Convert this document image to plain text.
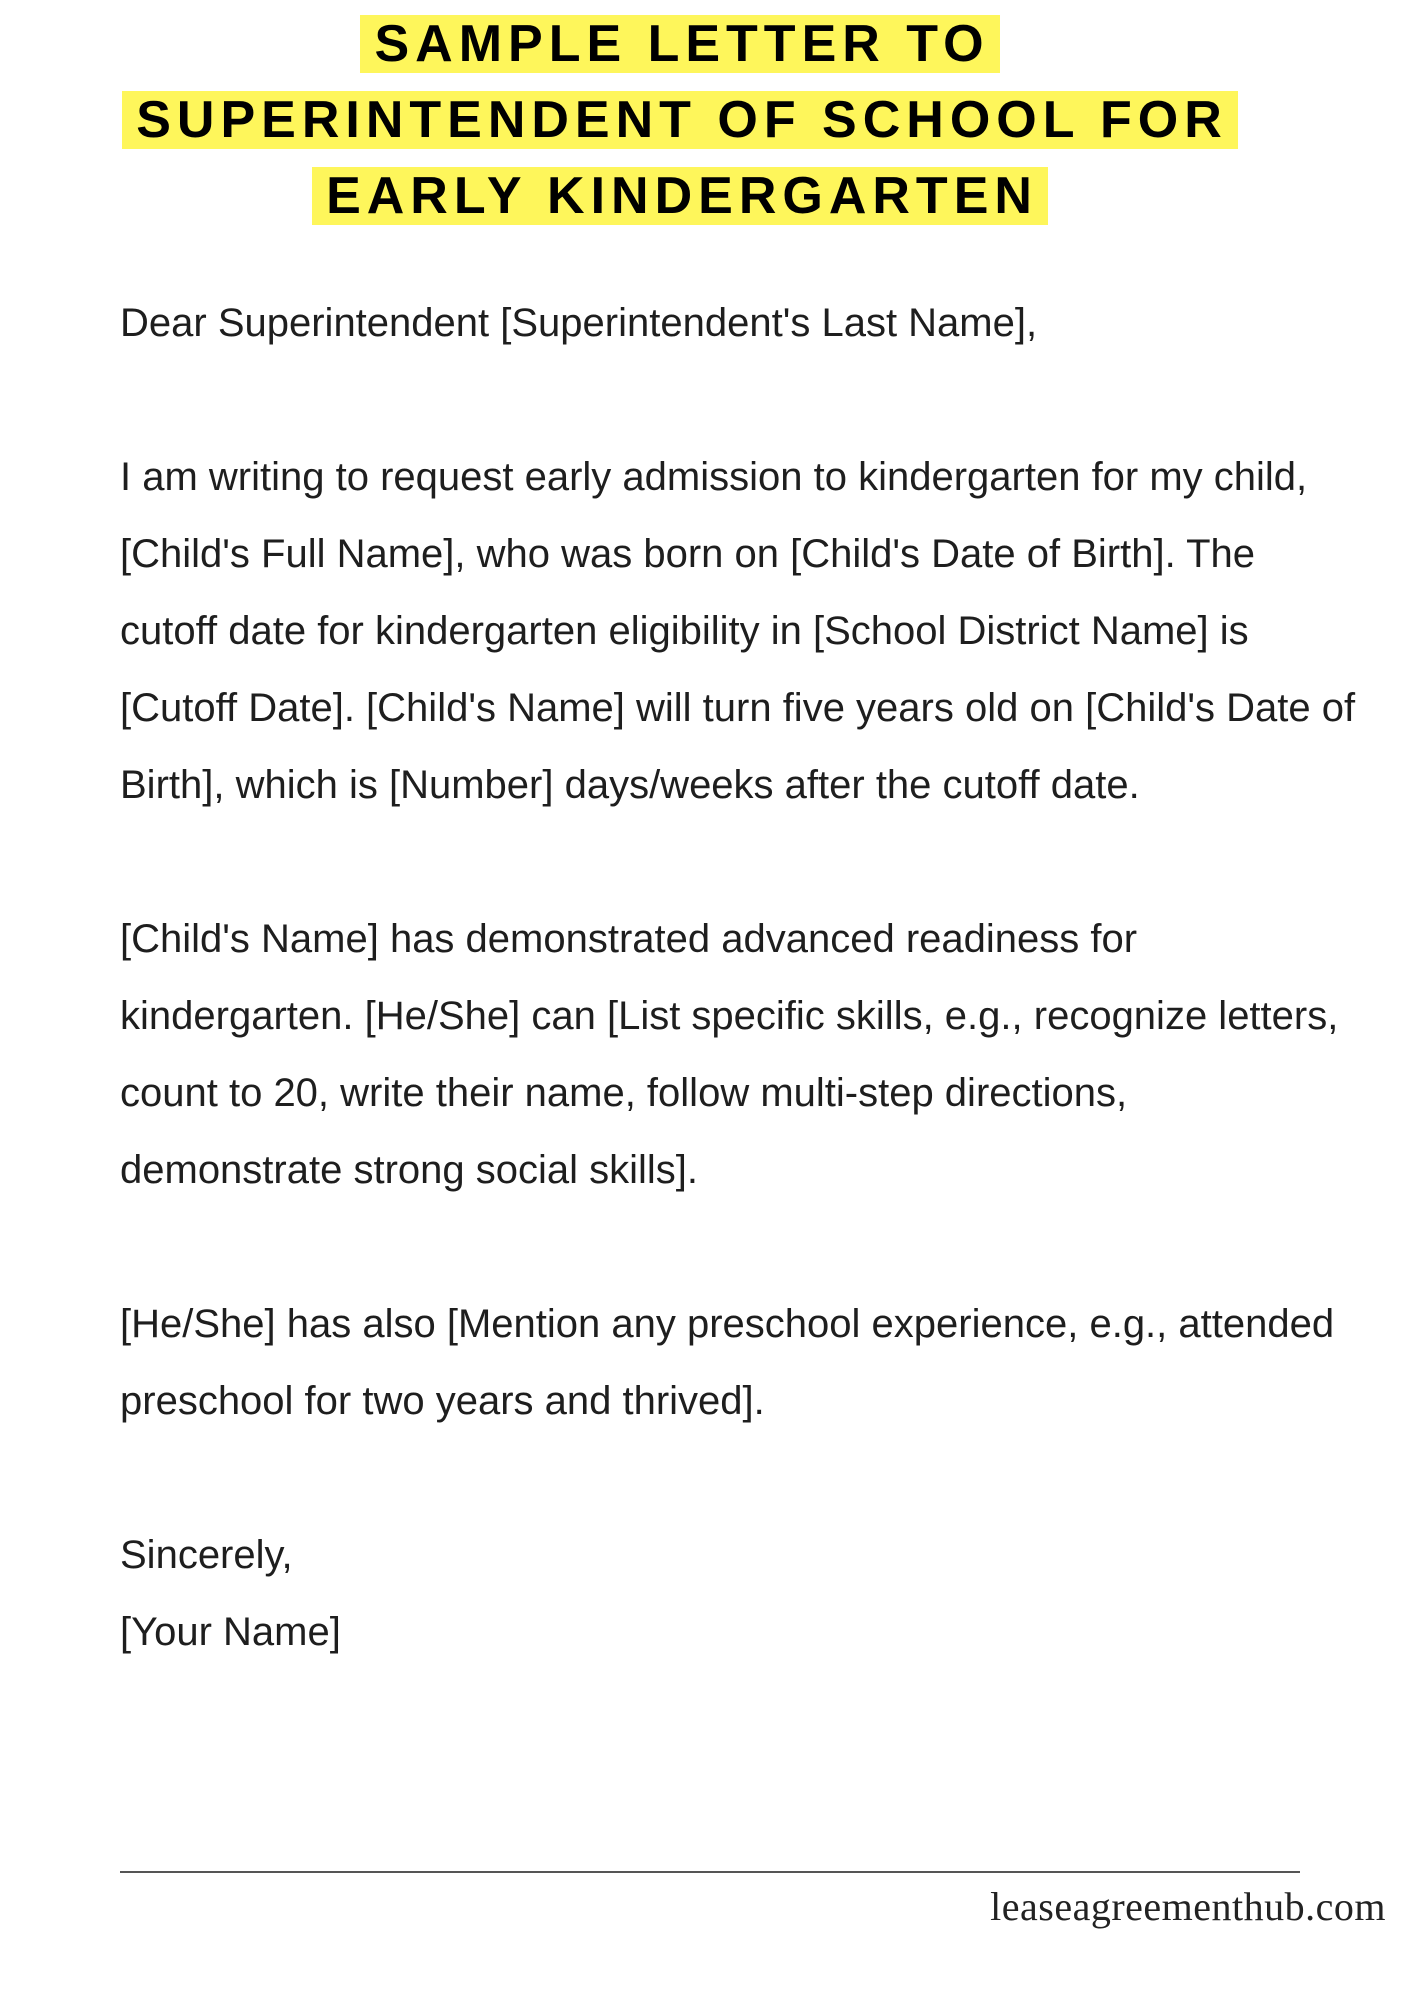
SAMPLE LETTER TO
SUPERINTENDENT OF SCHOOL FOR
EARLY KINDERGARTEN

Dear Superintendent [Superintendent's Last Name],

I am writing to request early admission to kindergarten for my child, [Child's Full Name], who was born on [Child's Date of Birth]. The cutoff date for kindergarten eligibility in [School District Name] is [Cutoff Date]. [Child's Name] will turn five years old on [Child's Date of Birth], which is [Number] days/weeks after the cutoff date.

[Child's Name] has demonstrated advanced readiness for kindergarten. [He/She] can [List specific skills, e.g., recognize letters, count to 20, write their name, follow multi-step directions, demonstrate strong social skills].

[He/She] has also [Mention any preschool experience, e.g., attended preschool for two years and thrived].

Sincerely,

[Your Name]

leaseagreementhub.com
